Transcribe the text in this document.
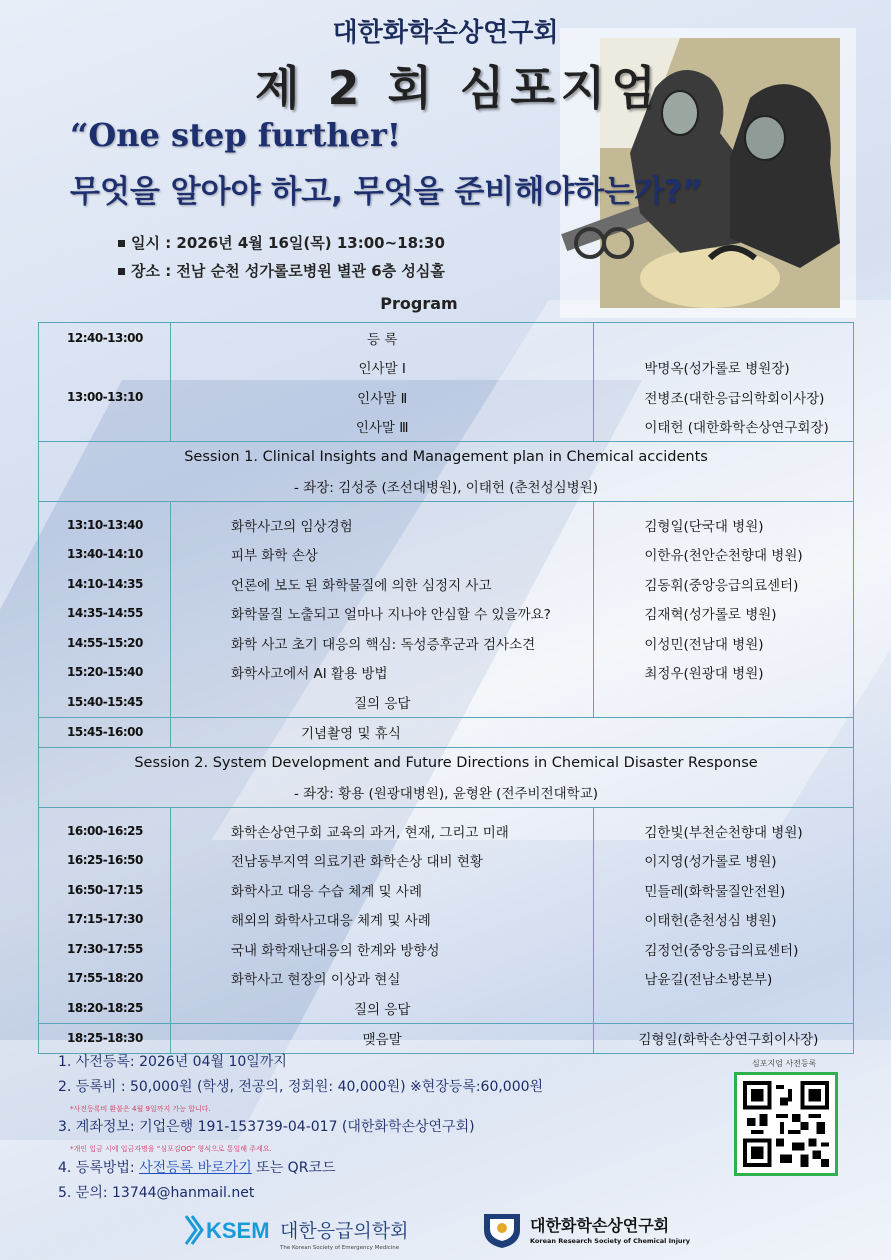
대한화학손상연구회
제 2 회 심포지엄
“One step further!
무엇을 알아야 하고, 무엇을 준비해야하는가?”
일시 : 2026년 4월 16일(목) 13:00~18:30
장소 : 전남 순천 성가롤로병원 별관 6층 성심홀
Program
12:40-13:00	등 록	
	인사말 Ⅰ	박명옥(성가롤로 병원장)
13:00-13:10	인사말 Ⅱ	전병조(대한응급의학회이사장)
	인사말 Ⅲ	이태헌 (대한화학손상연구회장)
Session 1. Clinical Insights and Management plan in Chemical accidents		
- 좌장: 김성중 (조선대병원), 이태헌 (춘천성심병원)		

13:10-13:40	화학사고의 임상경험	김형일(단국대 병원)
13:40-14:10	피부 화학 손상	이한유(천안순천향대 병원)
14:10-14:35	언론에 보도 된 화학물질에 의한 심정지 사고	김동휘(중앙응급의료센터)
14:35-14:55	화학물질 노출되고 얼마나 지나야 안심할 수 있을까요?	김재혁(성가롤로 병원)
14:55-15:20	화학 사고 초기 대응의 핵심: 독성증후군과 검사소견	이성민(전남대 병원)
15:20-15:40	화학사고에서 AI 활용 방법	최정우(원광대 병원)
15:40-15:45	질의 응답	
15:45-16:00	기념촬영 및 휴식	
Session 2. System Development and Future Directions in Chemical Disaster Response		
- 좌장: 황용 (원광대병원), 윤형완 (전주비전대학교)		

16:00-16:25	화학손상연구회 교육의 과거, 현재, 그리고 미래	김한빛(부천순천향대 병원)
16:25-16:50	전남동부지역 의료기관 화학손상 대비 현황	이지영(성가롤로 병원)
16:50-17:15	화학사고 대응 수습 체계 및 사례	민들레(화학물질안전원)
17:15-17:30	해외의 화학사고대응 체계 및 사례	이태헌(춘천성심 병원)
17:30-17:55	국내 화학재난대응의 한계와 방향성	김정언(중앙응급의료센터)
17:55-18:20	화학사고 현장의 이상과 현실	남윤길(전남소방본부)
18:20-18:25	질의 응답	
18:25-18:30	맺음말	김형일(화학손상연구회이사장)
1. 사전등록: 2026년 04월 10일까지
2. 등록비 : 50,000원 (학생, 전공의, 정회원: 40,000원) ※현장등록:60,000원
*사전등록비 환불은 4월 9일까지 가능 합니다.
3. 계좌정보: 기업은행 191-153739-04-017 (대한화학손상연구회)
*개인 입금 시에 입금자명을 “심포김OO” 형식으로 통일해 주세요.
4. 등록방법: 사전등록 바로가기 또는 QR코드
5. 문의: 13744@hanmail.net
심포지엄 사전등록
KSEM 대한응급의학회
The Korean Society of Emergency Medicine
대한화학손상연구회
Korean Research Society of Chemical Injury
